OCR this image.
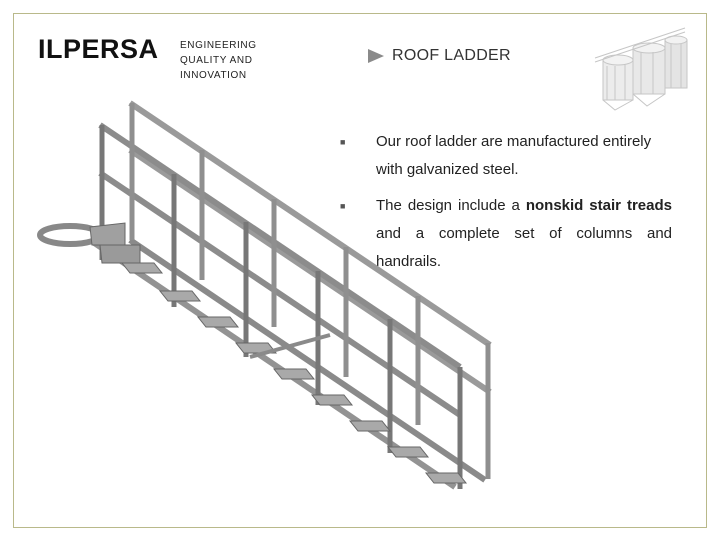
ILPERSA ENGINEERING
QUALITY AND
INNOVATION
ROOF LADDER
■ Our roof ladder are manufactured entirely with galvanized steel.
■ The design include a nonskid stair treads and a complete set of columns and handrails.
